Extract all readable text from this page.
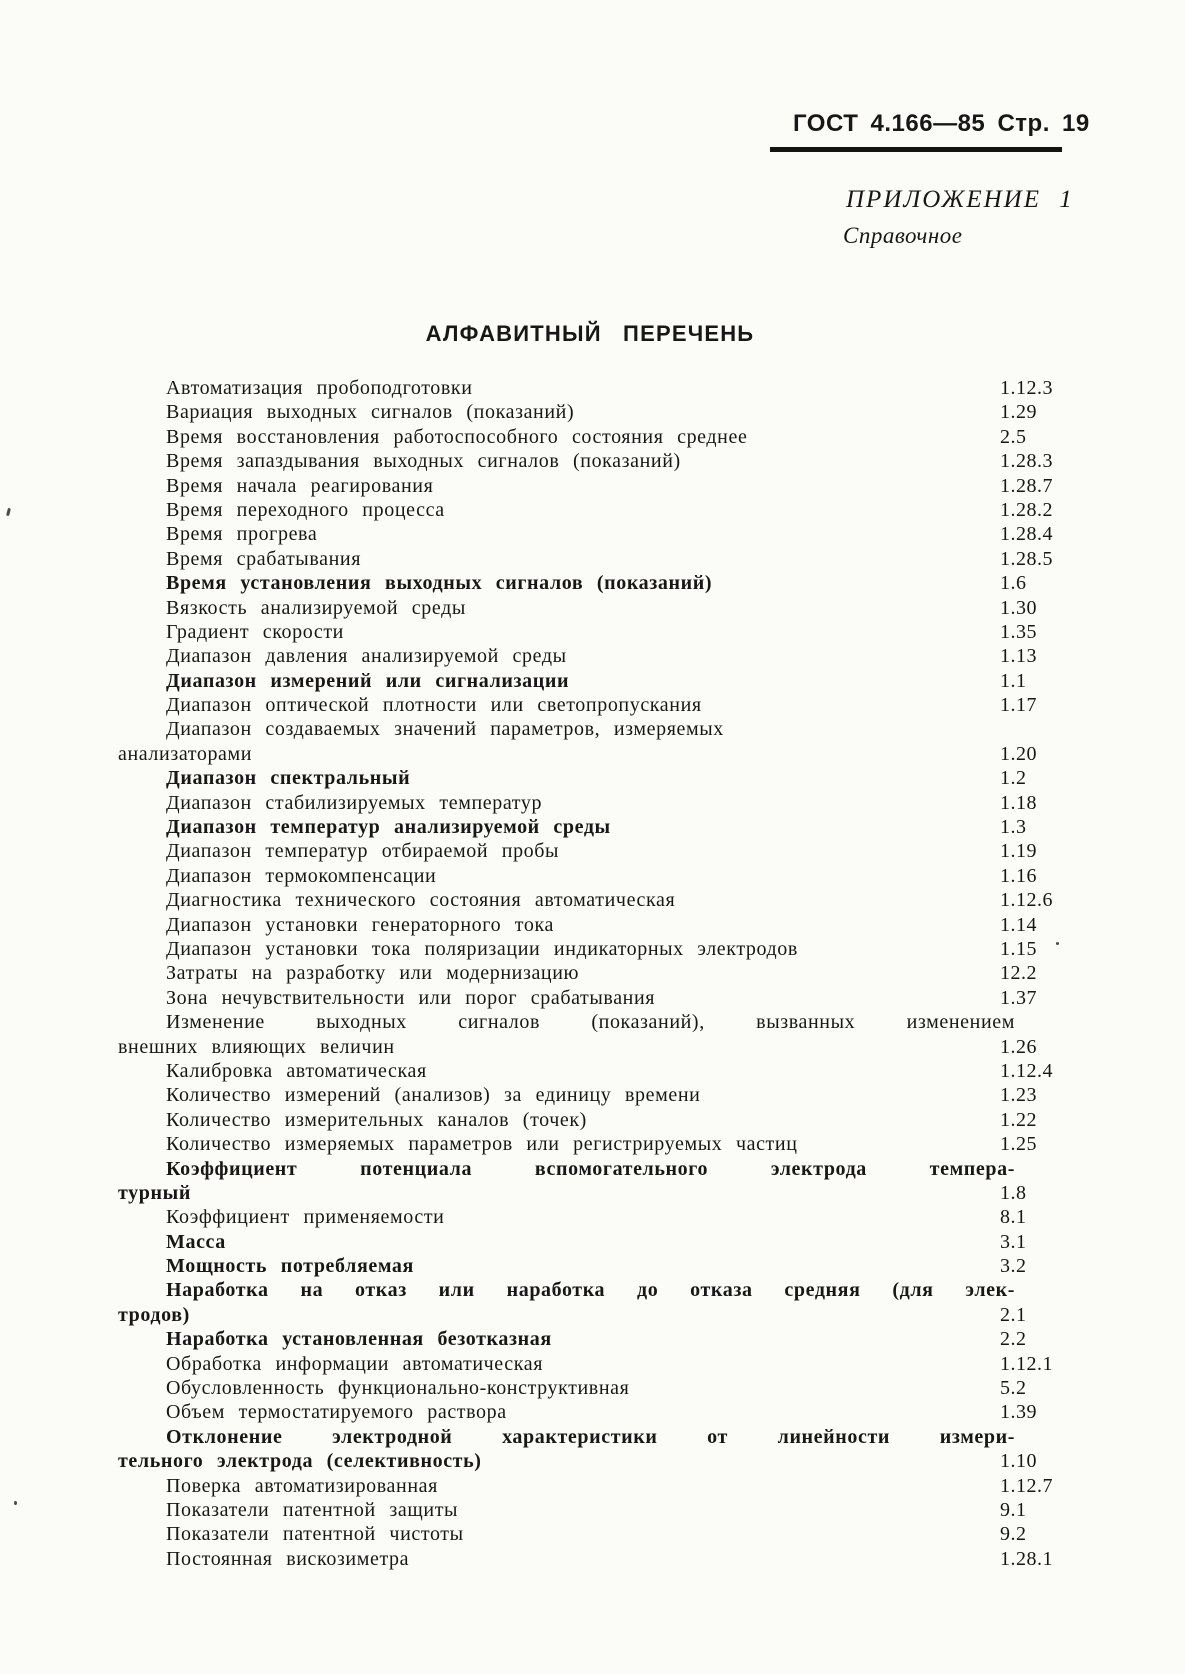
ГОСТ 4.166—85 Стр. 19
ПРИЛОЖЕНИЕ 1
Справочное
АЛФАВИТНЫЙ ПЕРЕЧЕНЬ
Автоматизация пробоподготовки	1.12.3
Вариация выходных сигналов (показаний)	1.29
Время восстановления работоспособного состояния среднее	2.5
Время запаздывания выходных сигналов (показаний)	1.28.3
Время начала реагирования	1.28.7
Время переходного процесса	1.28.2
Время прогрева	1.28.4
Время срабатывания	1.28.5
Время установления выходных сигналов (показаний)	1.6
Вязкость анализируемой среды	1.30
Градиент скорости	1.35
Диапазон давления анализируемой среды	1.13
Диапазон измерений или сигнализации	1.1
Диапазон оптической плотности или светопропускания	1.17
Диапазон создаваемых значений параметров, измеряемых
анализаторами	1.20
Диапазон спектральный	1.2
Диапазон стабилизируемых температур	1.18
Диапазон температур анализируемой среды	1.3
Диапазон температур отбираемой пробы	1.19
Диапазон термокомпенсации	1.16
Диагностика технического состояния автоматическая	1.12.6
Диапазон установки генераторного тока	1.14
Диапазон установки тока поляризации индикаторных электродов	1.15
Затраты на разработку или модернизацию	12.2
Зона нечувствительности или порог срабатывания	1.37
Изменение выходных сигналов (показаний), вызванных изменением
внешних влияющих величин	1.26
Калибровка автоматическая	1.12.4
Количество измерений (анализов) за единицу времени	1.23
Количество измерительных каналов (точек)	1.22
Количество измеряемых параметров или регистрируемых частиц	1.25
Коэффициент потенциала вспомогательного электрода темпера-
турный	1.8
Коэффициент применяемости	8.1
Масса	3.1
Мощность потребляемая	3.2
Наработка на отказ или наработка до отказа средняя (для элек-
тродов)	2.1
Наработка установленная безотказная	2.2
Обработка информации автоматическая	1.12.1
Обусловленность функционально-конструктивная	5.2
Объем термостатируемого раствора	1.39
Отклонение электродной характеристики от линейности измери-
тельного электрода (селективность)	1.10
Поверка автоматизированная	1.12.7
Показатели патентной защиты	9.1
Показатели патентной чистоты	9.2
Постоянная вискозиметра	1.28.1
